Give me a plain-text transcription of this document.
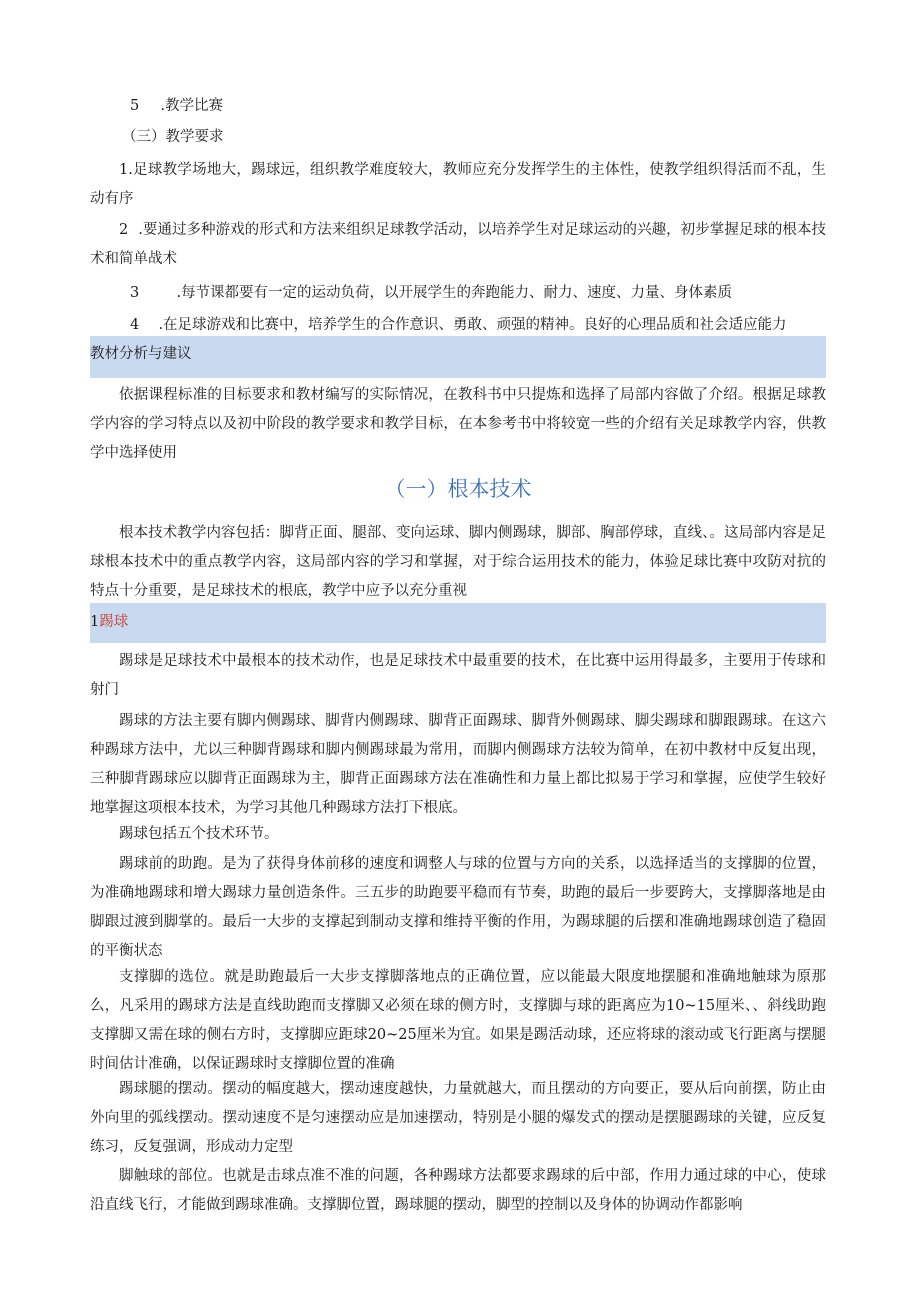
5 .教学比赛
（三）教学要求
1.足球教学场地大，踢球远，组织教学难度较大，教师应充分发挥学生的主体性，使教学组织得活而不乱，生动有序
2 .要通过多种游戏的形式和方法来组织足球教学活动，以培养学生对足球运动的兴趣，初步掌握足球的根本技术和简单战术
3	.每节课都要有一定的运动负荷，以开展学生的奔跑能力、耐力、速度、力量、身体素质
4 .在足球游戏和比赛中，培养学生的合作意识、勇敢、顽强的精神。良好的心理品质和社会适应能力
教材分析与建议
依据课程标准的目标要求和教材编写的实际情况，在教科书中只提炼和选择了局部内容做了介绍。根据足球教学内容的学习特点以及初中阶段的教学要求和教学目标，在本参考书中将较宽一些的介绍有关足球教学内容，供教学中选择使用
（一）根本技术
根本技术教学内容包括：脚背正面、腿部、变向运球、脚内侧踢球，脚部、胸部停球，直线、。这局部内容是足球根本技术中的重点教学内容，这局部内容的学习和掌握，对于综合运用技术的能力，体验足球比赛中攻防对抗的特点十分重要，是足球技术的根底，教学中应予以充分重视
1踢球
踢球是足球技术中最根本的技术动作，也是足球技术中最重要的技术，在比赛中运用得最多，主要用于传球和射门
踢球的方法主要有脚内侧踢球、脚背内侧踢球、脚背正面踢球、脚背外侧踢球、脚尖踢球和脚跟踢球。在这六种踢球方法中，尤以三种脚背踢球和脚内侧踢球最为常用，而脚内侧踢球方法较为简单，在初中教材中反复出现，三种脚背踢球应以脚背正面踢球为主，脚背正面踢球方法在准确性和力量上都比拟易于学习和掌握，应使学生较好地掌握这项根本技术，为学习其他几种踢球方法打下根底。
踢球包括五个技术环节。
踢球前的助跑。是为了获得身体前移的速度和调整人与球的位置与方向的关系，以选择适当的支撑脚的位置，为准确地踢球和增大踢球力量创造条件。三五步的助跑要平稳而有节奏，助跑的最后一步要跨大，支撑脚落地是由脚跟过渡到脚掌的。最后一大步的支撑起到制动支撑和维持平衡的作用，为踢球腿的后摆和准确地踢球创造了稳固的平衡状态
支撑脚的选位。就是助跑最后一大步支撑脚落地点的正确位置，应以能最大限度地摆腿和准确地触球为原那么，凡采用的踢球方法是直线助跑而支撑脚又必须在球的侧方时，支撑脚与球的距离应为10~15厘米、、斜线助跑支撑脚又需在球的侧右方时，支撑脚应距球20~25厘米为宜。如果是踢活动球，还应将球的滚动或飞行距离与摆腿时间估计准确，以保证踢球时支撑脚位置的准确
踢球腿的摆动。摆动的幅度越大，摆动速度越快，力量就越大，而且摆动的方向要正，要从后向前摆，防止由外向里的弧线摆动。摆动速度不是匀速摆动应是加速摆动，特别是小腿的爆发式的摆动是摆腿踢球的关键，应反复练习，反复强调，形成动力定型
脚触球的部位。也就是击球点准不准的问题，各种踢球方法都要求踢球的后中部，作用力通过球的中心，使球沿直线飞行，才能做到踢球准确。支撑脚位置，踢球腿的摆动，脚型的控制以及身体的协调动作都影响
